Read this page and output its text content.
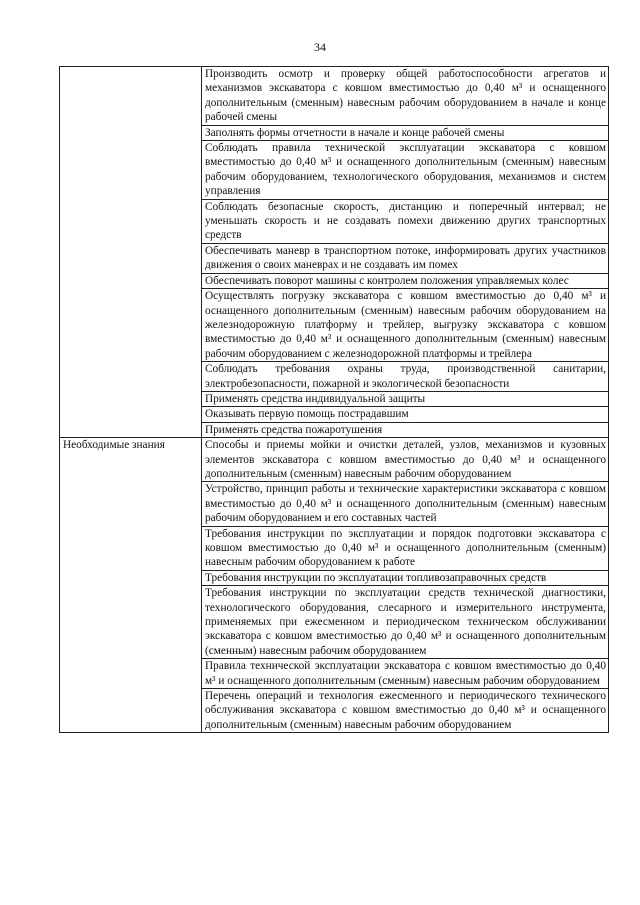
34
	Производить осмотр и проверку общей работоспособности агрегатов и механизмов экскаватора с ковшом вместимостью до 0,40 м³ и оснащенного дополнительным (сменным) навесным рабочим оборудованием в начале и конце рабочей смены
	Заполнять формы отчетности в начале и конце рабочей смены
	Соблюдать правила технической эксплуатации экскаватора с ковшом вместимостью до 0,40 м³ и оснащенного дополнительным (сменным) навесным рабочим оборудованием, технологического оборудования, механизмов и систем управления
	Соблюдать безопасные скорость, дистанцию и поперечный интервал; не уменьшать скорость и не создавать помехи движению других транспортных средств
	Обеспечивать маневр в транспортном потоке, информировать других участников движения о своих маневрах и не создавать им помех
	Обеспечивать поворот машины с контролем положения управляемых колес
	Осуществлять погрузку экскаватора с ковшом вместимостью до 0,40 м³ и оснащенного дополнительным (сменным) навесным рабочим оборудованием на железнодорожную платформу и трейлер, выгрузку экскаватора с ковшом вместимостью до 0,40 м³ и оснащенного дополнительным (сменным) навесным рабочим оборудованием с железнодорожной платформы и трейлера
	Соблюдать требования охраны труда, производственной санитарии, электробезопасности, пожарной и экологической безопасности
	Применять средства индивидуальной защиты
	Оказывать первую помощь пострадавшим
	Применять средства пожаротушения
Необходимые знания	Способы и приемы мойки и очистки деталей, узлов, механизмов и кузовных элементов экскаватора с ковшом вместимостью до 0,40 м³ и оснащенного дополнительным (сменным) навесным рабочим оборудованием
	Устройство, принцип работы и технические характеристики экскаватора с ковшом вместимостью до 0,40 м³ и оснащенного дополнительным (сменным) навесным рабочим оборудованием и его составных частей
	Требования инструкции по эксплуатации и порядок подготовки экскаватора с ковшом вместимостью до 0,40 м³ и оснащенного дополнительным (сменным) навесным рабочим оборудованием к работе
	Требования инструкции по эксплуатации топливозаправочных средств
	Требования инструкции по эксплуатации средств технической диагностики, технологического оборудования, слесарного и измерительного инструмента, применяемых при ежесменном и периодическом техническом обслуживании экскаватора с ковшом вместимостью до 0,40 м³ и оснащенного дополнительным (сменным) навесным рабочим оборудованием
	Правила технической эксплуатации экскаватора с ковшом вместимостью до 0,40 м³ и оснащенного дополнительным (сменным) навесным рабочим оборудованием
	Перечень операций и технология ежесменного и периодического технического обслуживания экскаватора с ковшом вместимостью до 0,40 м³ и оснащенного дополнительным (сменным) навесным рабочим оборудованием
